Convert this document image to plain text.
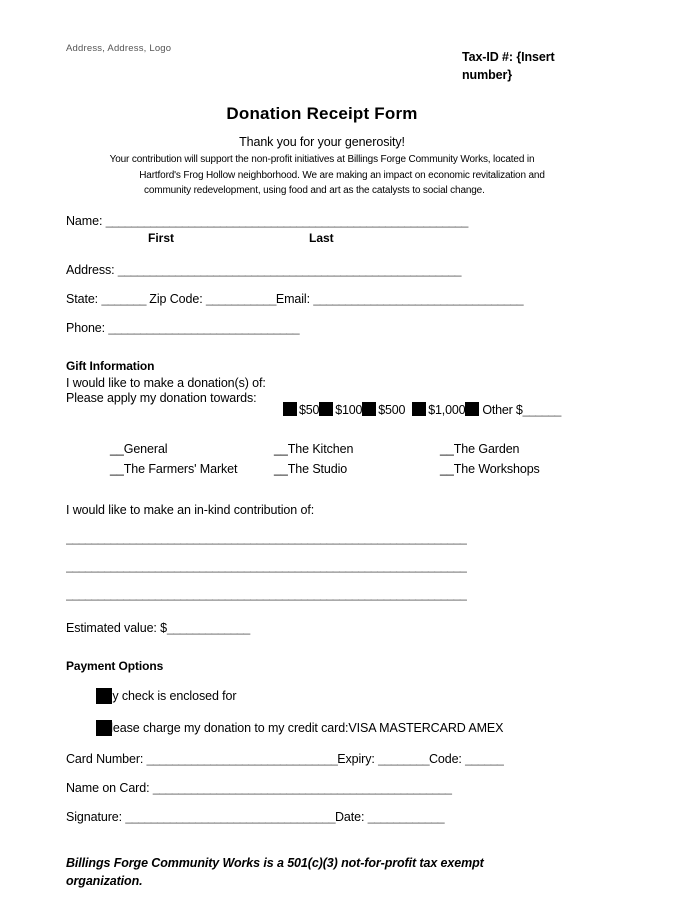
Address, Address, Logo
Tax-ID #: {Insert number}
Donation Receipt Form
Thank you for your generosity!
Your contribution will support the non-profit initiatives at Billings Forge Community Works, located in
Hartford's Frog Hollow neighborhood. We are making an impact on economic revitalization and
community redevelopment, using food and art as the catalysts to social change.
Name: _________________________________________________________
First	Last
Address: ______________________________________________________
State: _______ Zip Code: ___________Email: _________________________________
Phone: ______________________________
Gift Information
I would like to make a donation(s) of:
Please apply my donation towards:
$50 $100 $500 $1,000 Other $______
__General	__The Kitchen	__The Garden
__The Farmers' Market	__The Studio	__The Workshops
I would like to make an in-kind contribution of:
_______________________________________________________________
_______________________________________________________________
_______________________________________________________________
Estimated value: $_____________
Payment Options
My check is enclosed for
Please charge my donation to my credit card:VISA MASTERCARD AMEX
Card Number: ______________________________Expiry: ________Code: ______
Name on Card: _______________________________________________
Signature: _________________________________Date: ____________
Billings Forge Community Works is a 501(c)(3) not-for-profit tax exempt organization.
